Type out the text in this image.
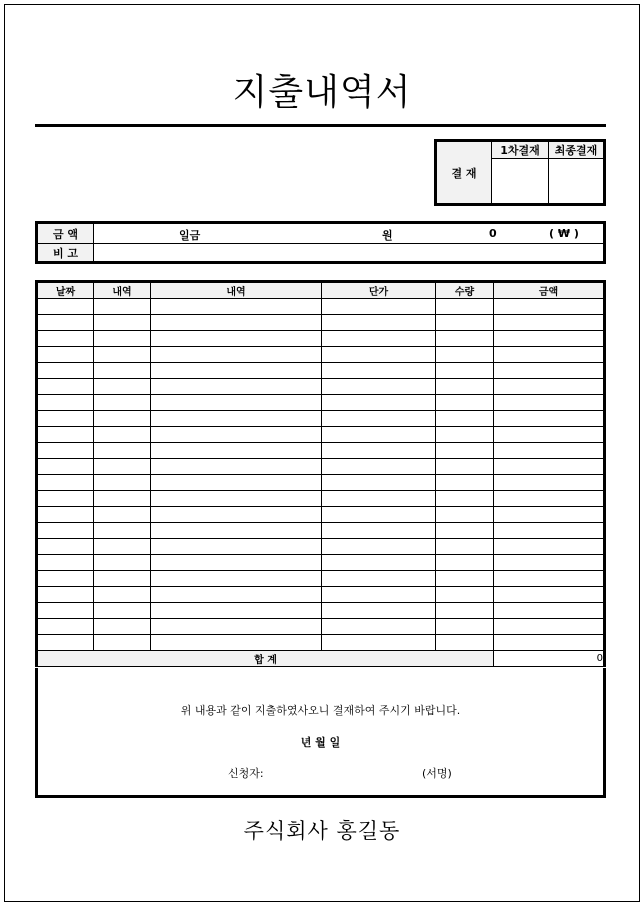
지출내역서
결 재	1차결재	최종결재

금 액	일금 원 0 ( ₩ )

비 고	
날짜	내역	내역	단가	수량	금액

합 계					0
위 내용과 같이 지출하였사오니 결재하여 주시기 바랍니다.
년 월 일
신청자:	(서명)
주식회사 홍길동
